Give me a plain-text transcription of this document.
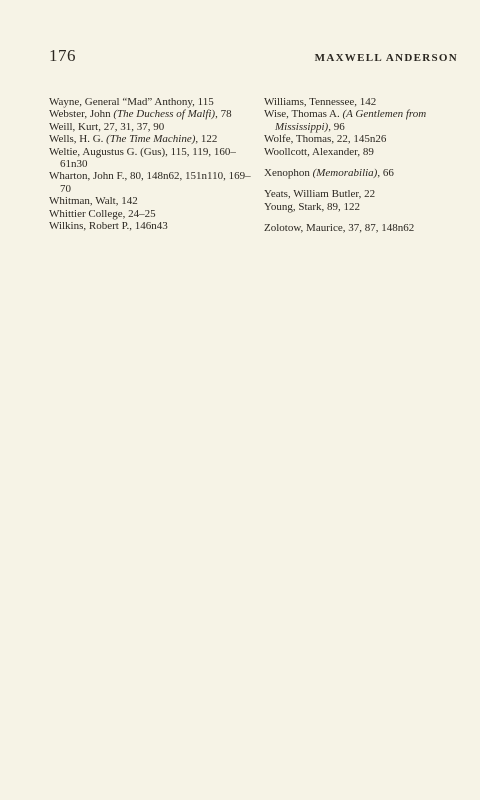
176	MAXWELL ANDERSON

Wayne, General “Mad” Anthony, 115

Webster, John (The Duchess of Malfi), 78

Weill, Kurt, 27, 31, 37, 90

Wells, H. G. (The Time Machine), 122

Weltie, Augustus G. (Gus), 115, 119, 160–61n30

Wharton, John F., 80, 148n62, 151n110, 169–70

Whitman, Walt, 142

Whittier College, 24–25

Wilkins, Robert P., 146n43

Williams, Tennessee, 142

Wise, Thomas A. (A Gentlemen from Mississippi), 96

Wolfe, Thomas, 22, 145n26

Woollcott, Alexander, 89

Xenophon (Memorabilia), 66

Yeats, William Butler, 22

Young, Stark, 89, 122

Zolotow, Maurice, 37, 87, 148n62
